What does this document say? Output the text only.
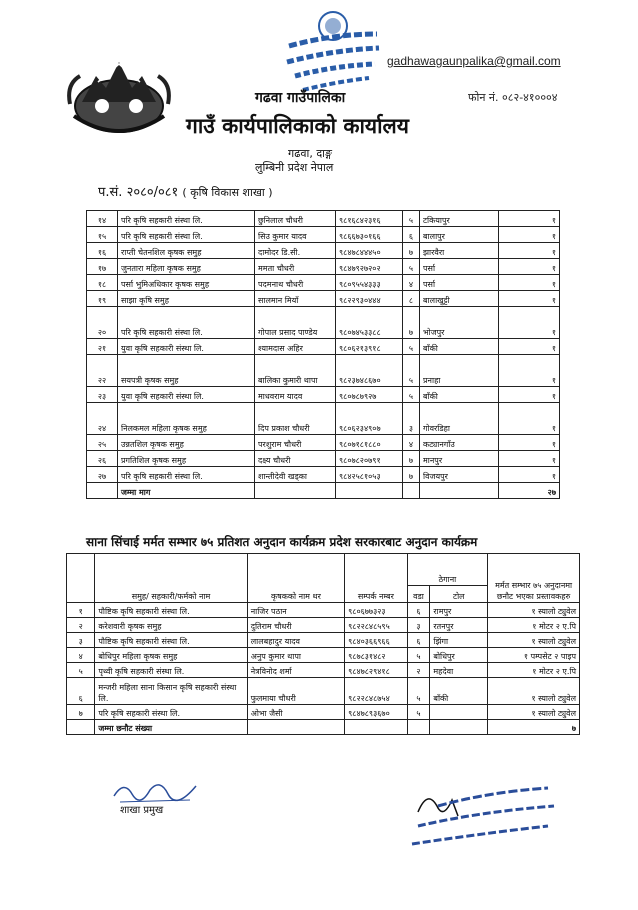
gadhawagaunpalika@gmail.com
फोन नं. ०८२-४१०००४
गढवा गाउँपालिका
गाउँ कार्यपालिकाको कार्यालय
गढवा, दाङ्ग
लुम्बिनी प्रदेश नेपाल
प.सं. २०८०/०८१ ( कृषि विकास शाखा )
१४	परि कृषि सहकारी संस्था लि.	छुनिलाल चौधरी	९८१६८४२३१६	५	टकियापुर	१
१५	परि कृषि सहकारी संस्था लि.	सिउ कुमार यादव	९८६६७३०१६६	६	बालापुर	१
१६	राप्ती चेतनशिल कृषक समुह	दामोदर डि.सी.	९८४७८४४४५०	७	झारवैरा	१
१७	जुनतारा महिला कृषक समुह	ममता चौधरी	९८४७९२७२०२	५	पर्सा	१
१८	पर्सा भुमिअधिकार कृषक समुह	पदमनाथ चौधरी	९८०९५५४३३३	४	पर्सा	१
१९	साझा कृषि समुह	सालमान मियाँ	९८२२९३०४४४	८	बालाखुट्टी	१
२०	परि कृषि सहकारी संस्था लि.	गोपाल प्रसाद पाण्डेय	९८०७४५३३८८	७	भोजपुर	१
२१	युवा कृषि सहकारी संस्था लि.	श्यामदास अहिर	९८०६२१३९१८	५	बाँकी	१
२२	सयपत्री कृषक समुह	बालिका कुमारी थापा	९८२३७४८६७०	५	प्रनाहा	१
२३	युवा कृषि सहकारी संस्था लि.	माधवराम यादव	९८०७८७९२७	५	बाँकी	१
२४	निलकमल महिला कृषक समुह	दिप प्रकाश चौधरी	९८०६२३४९०७	३	गोवरडिहा	१
२५	उन्नतशिल कृषक समुह	परशुराम चौधरी	९८०७१८१८८०	४	कट्यानगाँउ	१
२६	प्रगतिशिल कृषक समुह	दक्ष्य चौधरी	९८०७८२०७९१	७	मानपुर	१
२७	परि कृषि सहकारी संस्था लि.	शान्तीदेवी खड्का	९८४२५८१०५३	७	विजयपुर	१
	जम्मा माग					२७
साना सिंचाई मर्मत सम्भार ७५ प्रतिशत अनुदान कार्यक्रम प्रदेश सरकारबाट अनुदान कार्यक्रम
	समुह/ सहकारी/फर्मको नाम	कृषकको नाम थर	सम्पर्क नम्बर	ठेगाना		मर्मत सम्भार ७५ अनुदानमा छनौट भएका प्रस्तावकहरु
				वडा	टोल	
१	पौष्टिक कृषि सहकारी संस्था लि.	नाजिर पठान	९८०६७७३२३	६	रामपुर	१ स्यालो ट्युवेल
२	करेशवारी कृषक समुह	दुतिराम चौधरी	९८२२८४८५९५	३	रतनपुर	१ मोटर २ ए.पि
३	पौष्टिक कृषि सहकारी संस्था लि.	लालबहादुर यादव	९८४०३६६९६६	६	झिंगा	१ स्यालो ट्युवेल
४	बोधिपुर महिला कृषक समुह	अनुप कुमार थापा	९८७८३१४८२	५	बोधिपुर	१ पम्पसेट २ पाइप
५	पृथ्वी कृषि सहकारी संस्था लि.	नेत्रविनोद शर्मा	९८४७८२९४१८	२	महदेवा	१ मोटर २ ए.पि
६	मन्जरी महिला साना किसान कृषि सहकारी संस्था लि.	फुलमाया चौधरी	९८२२८४८७५४	५	बाँकी	१ स्यालो ट्युवेल
७	परि कृषि सहकारी संस्था लि.	ओभा जैसी	९८४७८९३६७०	५		१ स्यालो ट्युवेल
	जम्मा छनौट संख्या					७
शाखा प्रमुख
